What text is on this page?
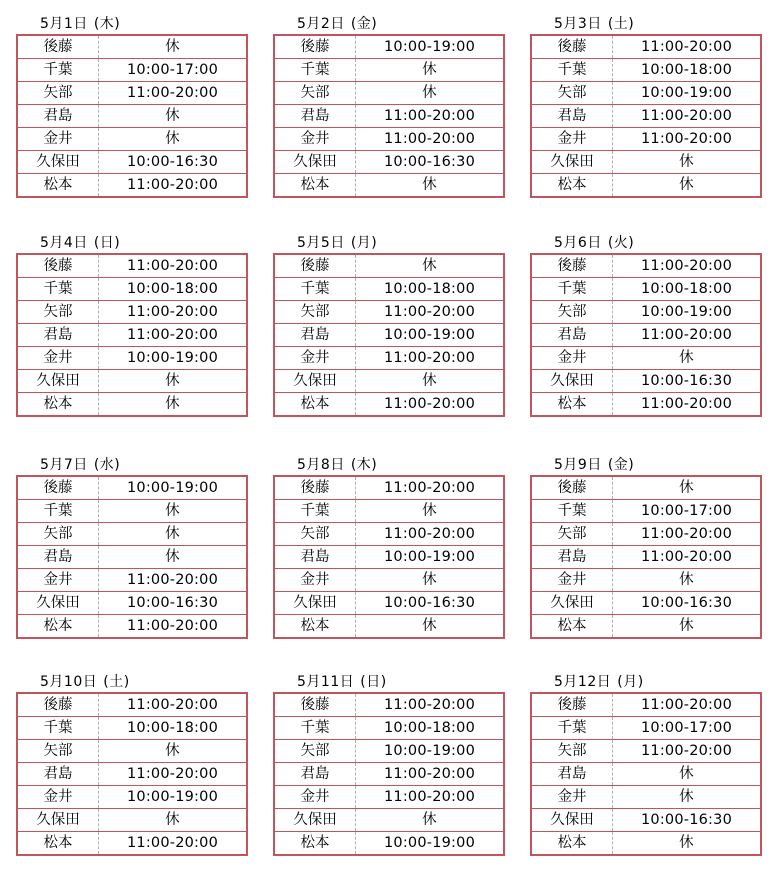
5月1日 (木)
後藤	休
千葉	10:00-17:00
矢部	11:00-20:00
君島	休
金井	休
久保田	10:00-16:30
松本	11:00-20:00
5月2日 (金)
後藤	10:00-19:00
千葉	休
矢部	休
君島	11:00-20:00
金井	11:00-20:00
久保田	10:00-16:30
松本	休
5月3日 (土)
後藤	11:00-20:00
千葉	10:00-18:00
矢部	10:00-19:00
君島	11:00-20:00
金井	11:00-20:00
久保田	休
松本	休
5月4日 (日)
後藤	11:00-20:00
千葉	10:00-18:00
矢部	11:00-20:00
君島	11:00-20:00
金井	10:00-19:00
久保田	休
松本	休
5月5日 (月)
後藤	休
千葉	10:00-18:00
矢部	11:00-20:00
君島	10:00-19:00
金井	11:00-20:00
久保田	休
松本	11:00-20:00
5月6日 (火)
後藤	11:00-20:00
千葉	10:00-18:00
矢部	10:00-19:00
君島	11:00-20:00
金井	休
久保田	10:00-16:30
松本	11:00-20:00
5月7日 (水)
後藤	10:00-19:00
千葉	休
矢部	休
君島	休
金井	11:00-20:00
久保田	10:00-16:30
松本	11:00-20:00
5月8日 (木)
後藤	11:00-20:00
千葉	休
矢部	11:00-20:00
君島	10:00-19:00
金井	休
久保田	10:00-16:30
松本	休
5月9日 (金)
後藤	休
千葉	10:00-17:00
矢部	11:00-20:00
君島	11:00-20:00
金井	休
久保田	10:00-16:30
松本	休
5月10日 (土)
後藤	11:00-20:00
千葉	10:00-18:00
矢部	休
君島	11:00-20:00
金井	10:00-19:00
久保田	休
松本	11:00-20:00
5月11日 (日)
後藤	11:00-20:00
千葉	10:00-18:00
矢部	10:00-19:00
君島	11:00-20:00
金井	11:00-20:00
久保田	休
松本	10:00-19:00
5月12日 (月)
後藤	11:00-20:00
千葉	10:00-17:00
矢部	11:00-20:00
君島	休
金井	休
久保田	10:00-16:30
松本	休
